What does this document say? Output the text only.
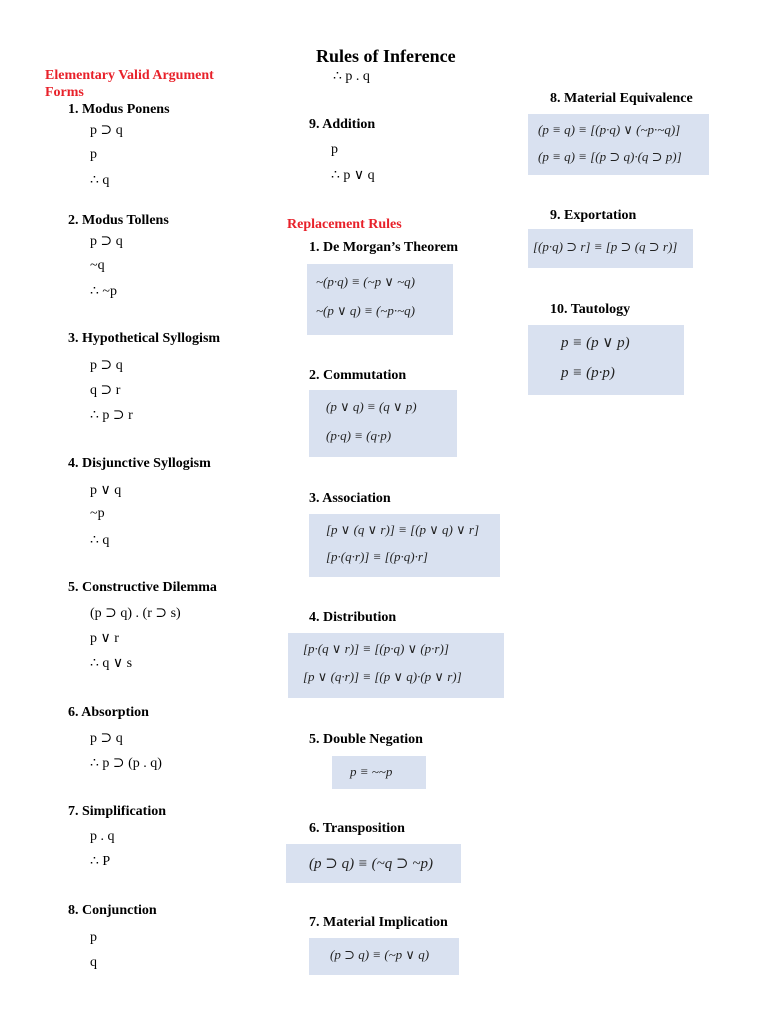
Rules of Inference
Elementary Valid Argument
Forms
1. Modus Ponens
p ⊃ q
p
∴ q
2. Modus Tollens
p ⊃ q
~q
∴ ~p
3. Hypothetical Syllogism
p ⊃ q
q ⊃ r
∴ p ⊃ r
4. Disjunctive Syllogism
p ∨ q
~p
∴ q
5. Constructive Dilemma
(p ⊃ q) . (r ⊃ s)
p ∨ r
∴ q ∨ s
6. Absorption
p ⊃ q
∴ p ⊃ (p . q)
7. Simplification
p . q
∴ P
8. Conjunction
p
q
∴ p . q
9. Addition
p
∴ p ∨ q
Replacement Rules
1. De Morgan’s Theorem
~(p·q) ≡ (~p ∨ ~q)
~(p ∨ q) ≡ (~p·~q)
2. Commutation
(p ∨ q) ≡ (q ∨ p)
(p·q) ≡ (q·p)
3. Association
[p ∨ (q ∨ r)] ≡ [(p ∨ q) ∨ r]
[p·(q·r)] ≡ [(p·q)·r]
4. Distribution
[p·(q ∨ r)] ≡ [(p·q) ∨ (p·r)]
[p ∨ (q·r)] ≡ [(p ∨ q)·(p ∨ r)]
5. Double Negation
p ≡ ~~p
6. Transposition
(p ⊃ q) ≡ (~q ⊃ ~p)
7. Material Implication
(p ⊃ q) ≡ (~p ∨ q)
8. Material Equivalence
(p ≡ q) ≡ [(p·q) ∨ (~p·~q)]
(p ≡ q) ≡ [(p ⊃ q)·(q ⊃ p)]
9. Exportation
[(p·q) ⊃ r] ≡ [p ⊃ (q ⊃ r)]
10. Tautology
p ≡ (p ∨ p)
p ≡ (p·p)
